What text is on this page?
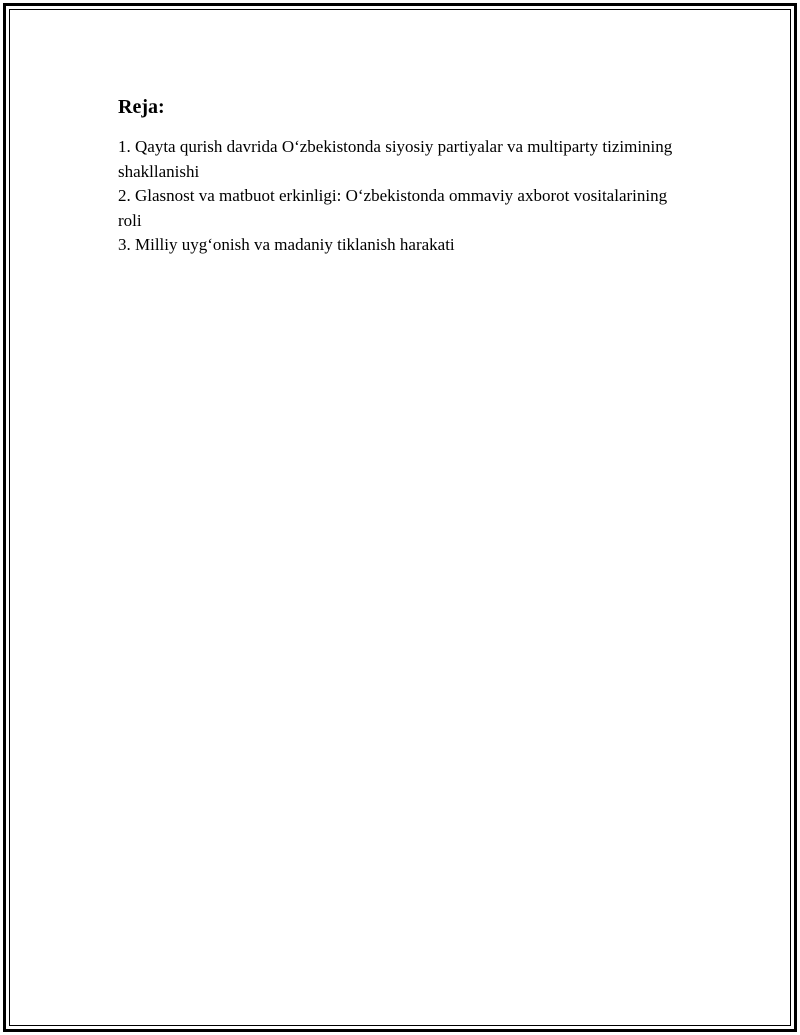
Reja:
1. Qayta qurish davrida O‘zbekistonda siyosiy partiyalar va multiparty tizimining shakllanishi
2. Glasnost va matbuot erkinligi: O‘zbekistonda ommaviy axborot vositalarining roli
3. Milliy uyg‘onish va madaniy tiklanish harakati
